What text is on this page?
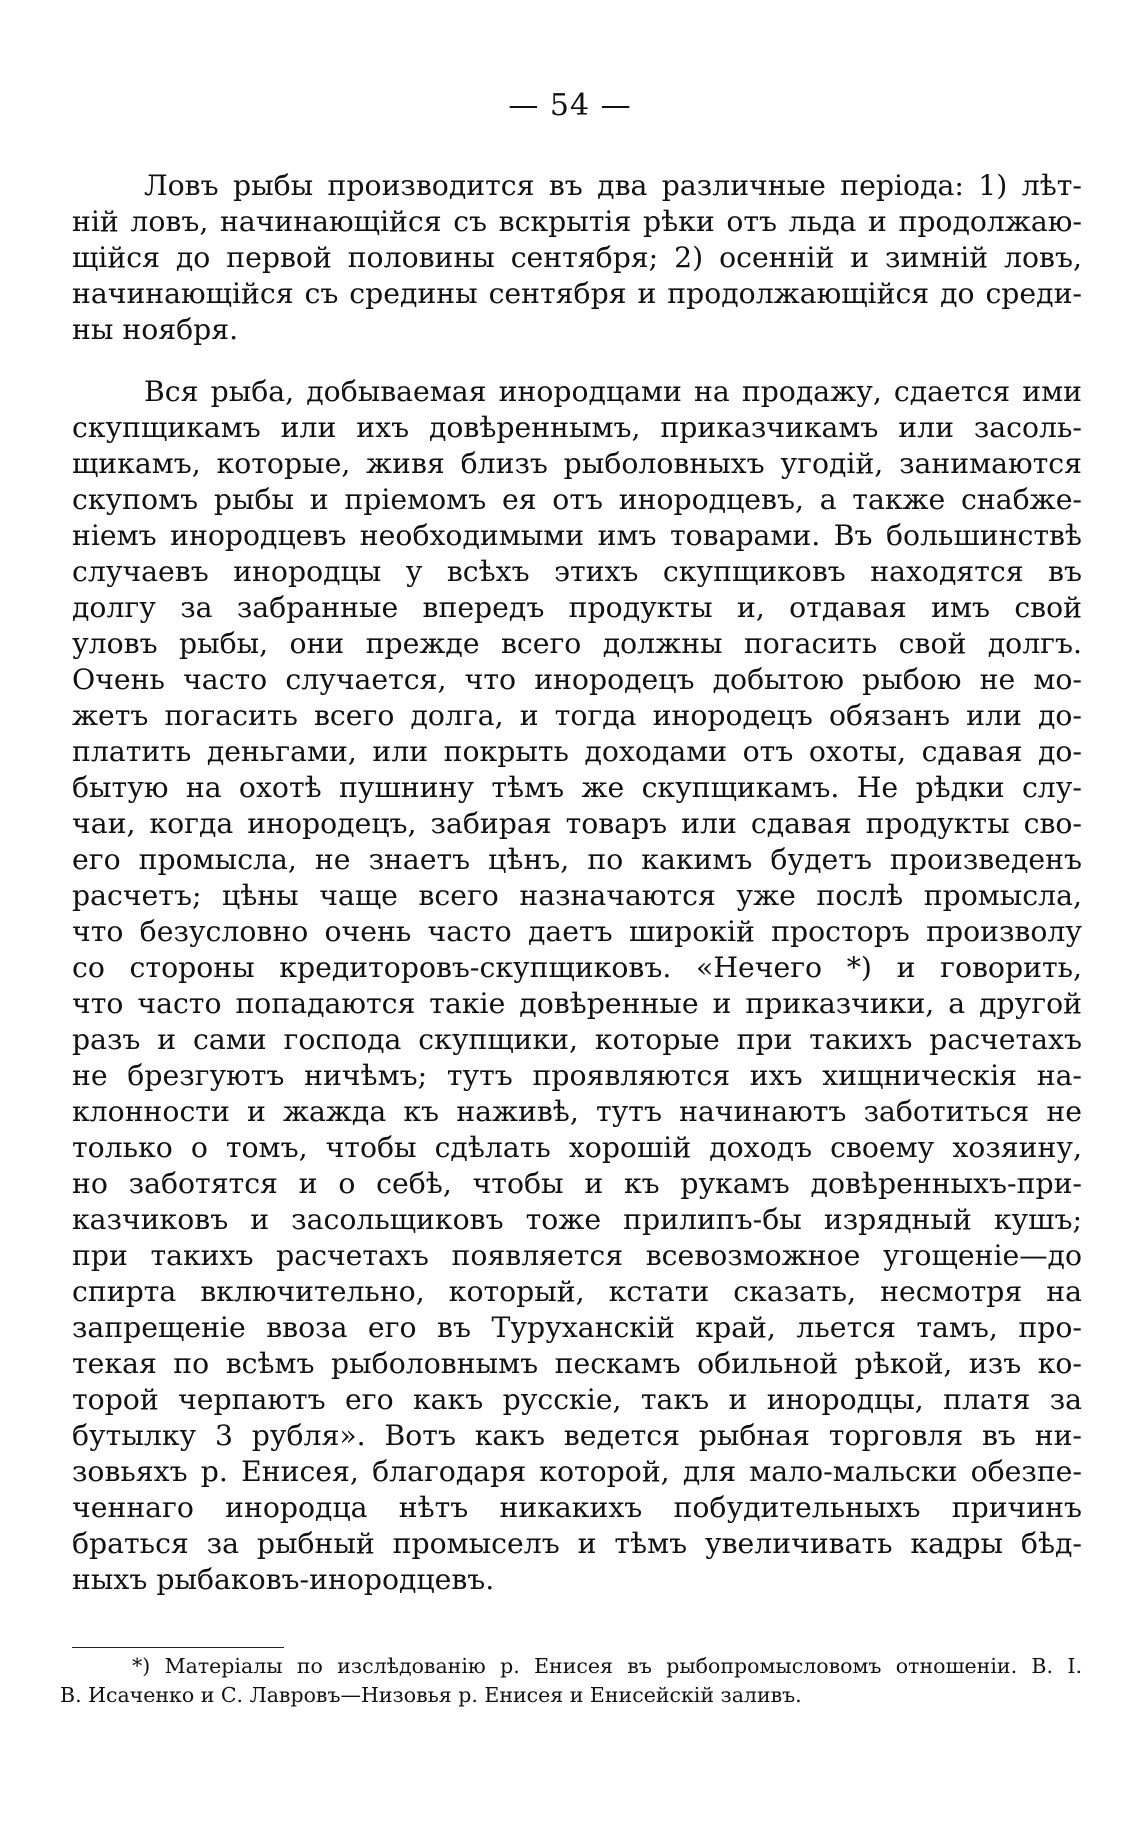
— 54 —
Ловъ рыбы производится въ два различные періода: 1) лѣт-
ній ловъ, начинающійся съ вскрытія рѣки отъ льда и продолжаю-
щійся до первой половины сентября; 2) осенній и зимній ловъ,
начинающійся съ средины сентября и продолжающійся до среди-
ны ноября.
Вся рыба, добываемая инородцами на продажу, сдается ими
скупщикамъ или ихъ довѣреннымъ, приказчикамъ или засоль-
щикамъ, которые, живя близъ рыболовныхъ угодій, занимаются
скупомъ рыбы и пріемомъ ея отъ инородцевъ, а также снабже-
ніемъ инородцевъ необходимыми имъ товарами. Въ большинствѣ
случаевъ инородцы у всѣхъ этихъ скупщиковъ находятся въ
долгу за забранные впередъ продукты и, отдавая имъ свой
уловъ рыбы, они прежде всего должны погасить свой долгъ.
Очень часто случается, что инородецъ добытою рыбою не мо-
жетъ погасить всего долга, и тогда инородецъ обязанъ или до-
платить деньгами, или покрыть доходами отъ охоты, сдавая до-
бытую на охотѣ пушнину тѣмъ же скупщикамъ. Не рѣдки слу-
чаи, когда инородецъ, забирая товаръ или сдавая продукты сво-
его промысла, не знаетъ цѣнъ, по какимъ будетъ произведенъ
расчетъ; цѣны чаще всего назначаются уже послѣ промысла,
что безусловно очень часто даетъ широкій просторъ произволу
со стороны кредиторовъ-скупщиковъ. «Нечего *) и говорить,
что часто попадаются такіе довѣренные и приказчики, а другой
разъ и сами господа скупщики, которые при такихъ расчетахъ
не брезгуютъ ничѣмъ; тутъ проявляются ихъ хищническія на-
клонности и жажда къ наживѣ, тутъ начинаютъ заботиться не
только о томъ, чтобы сдѣлать хорошій доходъ своему хозяину,
но заботятся и о себѣ, чтобы и къ рукамъ довѣренныхъ-при-
казчиковъ и засольщиковъ тоже прилипъ-бы изрядный кушъ;
при такихъ расчетахъ появляется всевозможное угощеніе—до
спирта включительно, который, кстати сказать, несмотря на
запрещеніе ввоза его въ Туруханскій край, льется тамъ, про-
текая по всѣмъ рыболовнымъ пескамъ обильной рѣкой, изъ ко-
торой черпаютъ его какъ русскіе, такъ и инородцы, платя за
бутылку 3 рубля». Вотъ какъ ведется рыбная торговля въ ни-
зовьяхъ р. Енисея, благодаря которой, для мало-мальски обезпе-
ченнаго инородца нѣтъ никакихъ побудительныхъ причинъ
браться за рыбный промыселъ и тѣмъ увеличивать кадры бѣд-
ныхъ рыбаковъ-инородцевъ.
*) Матеріалы по изслѣдованію р. Енисея въ рыбопромысловомъ отношеніи. В. І.
В. Исаченко и С. Лавровъ—Низовья р. Енисея и Енисейскій заливъ.
